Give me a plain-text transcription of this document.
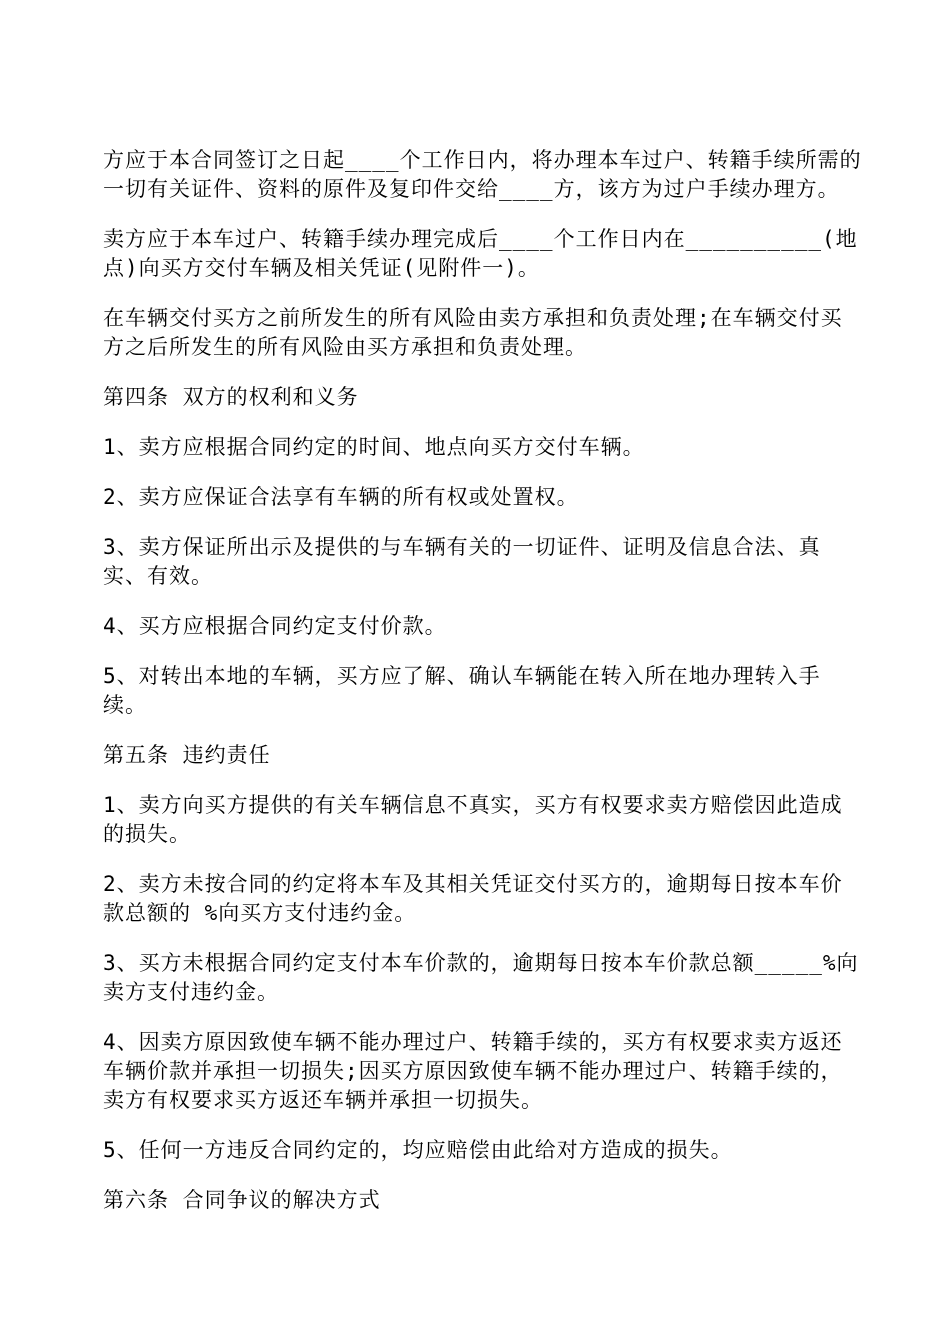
方应于本合同签订之日起____个工作日内，将办理本车过户、转籍手续所需的一切有关证件、资料的原件及复印件交给____方，该方为过户手续办理方。

卖方应于本车过户、转籍手续办理完成后____个工作日内在__________(地点)向买方交付车辆及相关凭证(见附件一)。

在车辆交付买方之前所发生的所有风险由卖方承担和负责处理;在车辆交付买方之后所发生的所有风险由买方承担和负责处理。

第四条 双方的权利和义务

1、卖方应根据合同约定的时间、地点向买方交付车辆。

2、卖方应保证合法享有车辆的所有权或处置权。

3、卖方保证所出示及提供的与车辆有关的一切证件、证明及信息合法、真实、有效。

4、买方应根据合同约定支付价款。

5、对转出本地的车辆，买方应了解、确认车辆能在转入所在地办理转入手续。

第五条 违约责任

1、卖方向买方提供的有关车辆信息不真实，买方有权要求卖方赔偿因此造成的损失。

2、卖方未按合同的约定将本车及其相关凭证交付买方的，逾期每日按本车价款总额的 %向买方支付违约金。

3、买方未根据合同约定支付本车价款的，逾期每日按本车价款总额_____%向卖方支付违约金。

4、因卖方原因致使车辆不能办理过户、转籍手续的，买方有权要求卖方返还车辆价款并承担一切损失;因买方原因致使车辆不能办理过户、转籍手续的，卖方有权要求买方返还车辆并承担一切损失。

5、任何一方违反合同约定的，均应赔偿由此给对方造成的损失。

第六条 合同争议的解决方式
